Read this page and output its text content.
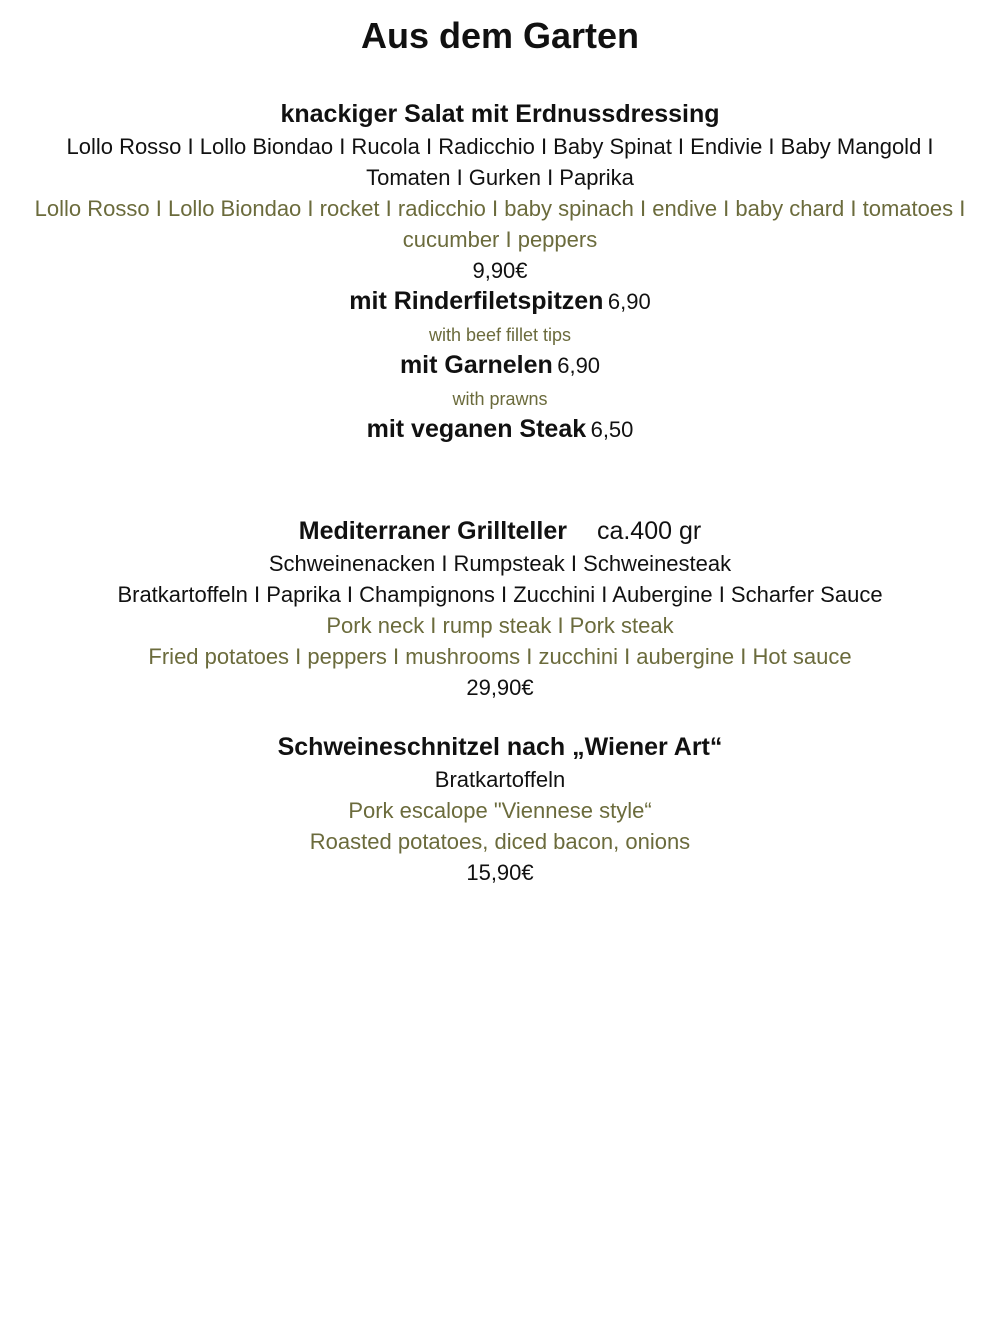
Aus dem Garten
knackiger Salat mit Erdnussdressing
Lollo Rosso I Lollo Biondao I Rucola I Radicchio I Baby Spinat I Endivie I Baby Mangold I Tomaten I Gurken I Paprika
Lollo Rosso I Lollo Biondao I rocket I radicchio I baby spinach I endive I baby chard I tomatoes I cucumber I peppers
9,90€
mit Rinderfiletspitzen 6,90
with beef fillet tips
mit Garnelen 6,90
with prawns
mit veganen Steak 6,50
Mediterraner Grillteller ca.400 gr
Schweinenacken I Rumpsteak I Schweinesteak
Bratkartoffeln I Paprika I Champignons I Zucchini I Aubergine I Scharfer Sauce
Pork neck I rump steak I Pork steak
Fried potatoes I peppers I mushrooms I zucchini I aubergine I Hot sauce
29,90€
Schweineschnitzel nach „Wiener Art“
Bratkartoffeln
Pork escalope "Viennese style“
Roasted potatoes, diced bacon, onions
15,90€
